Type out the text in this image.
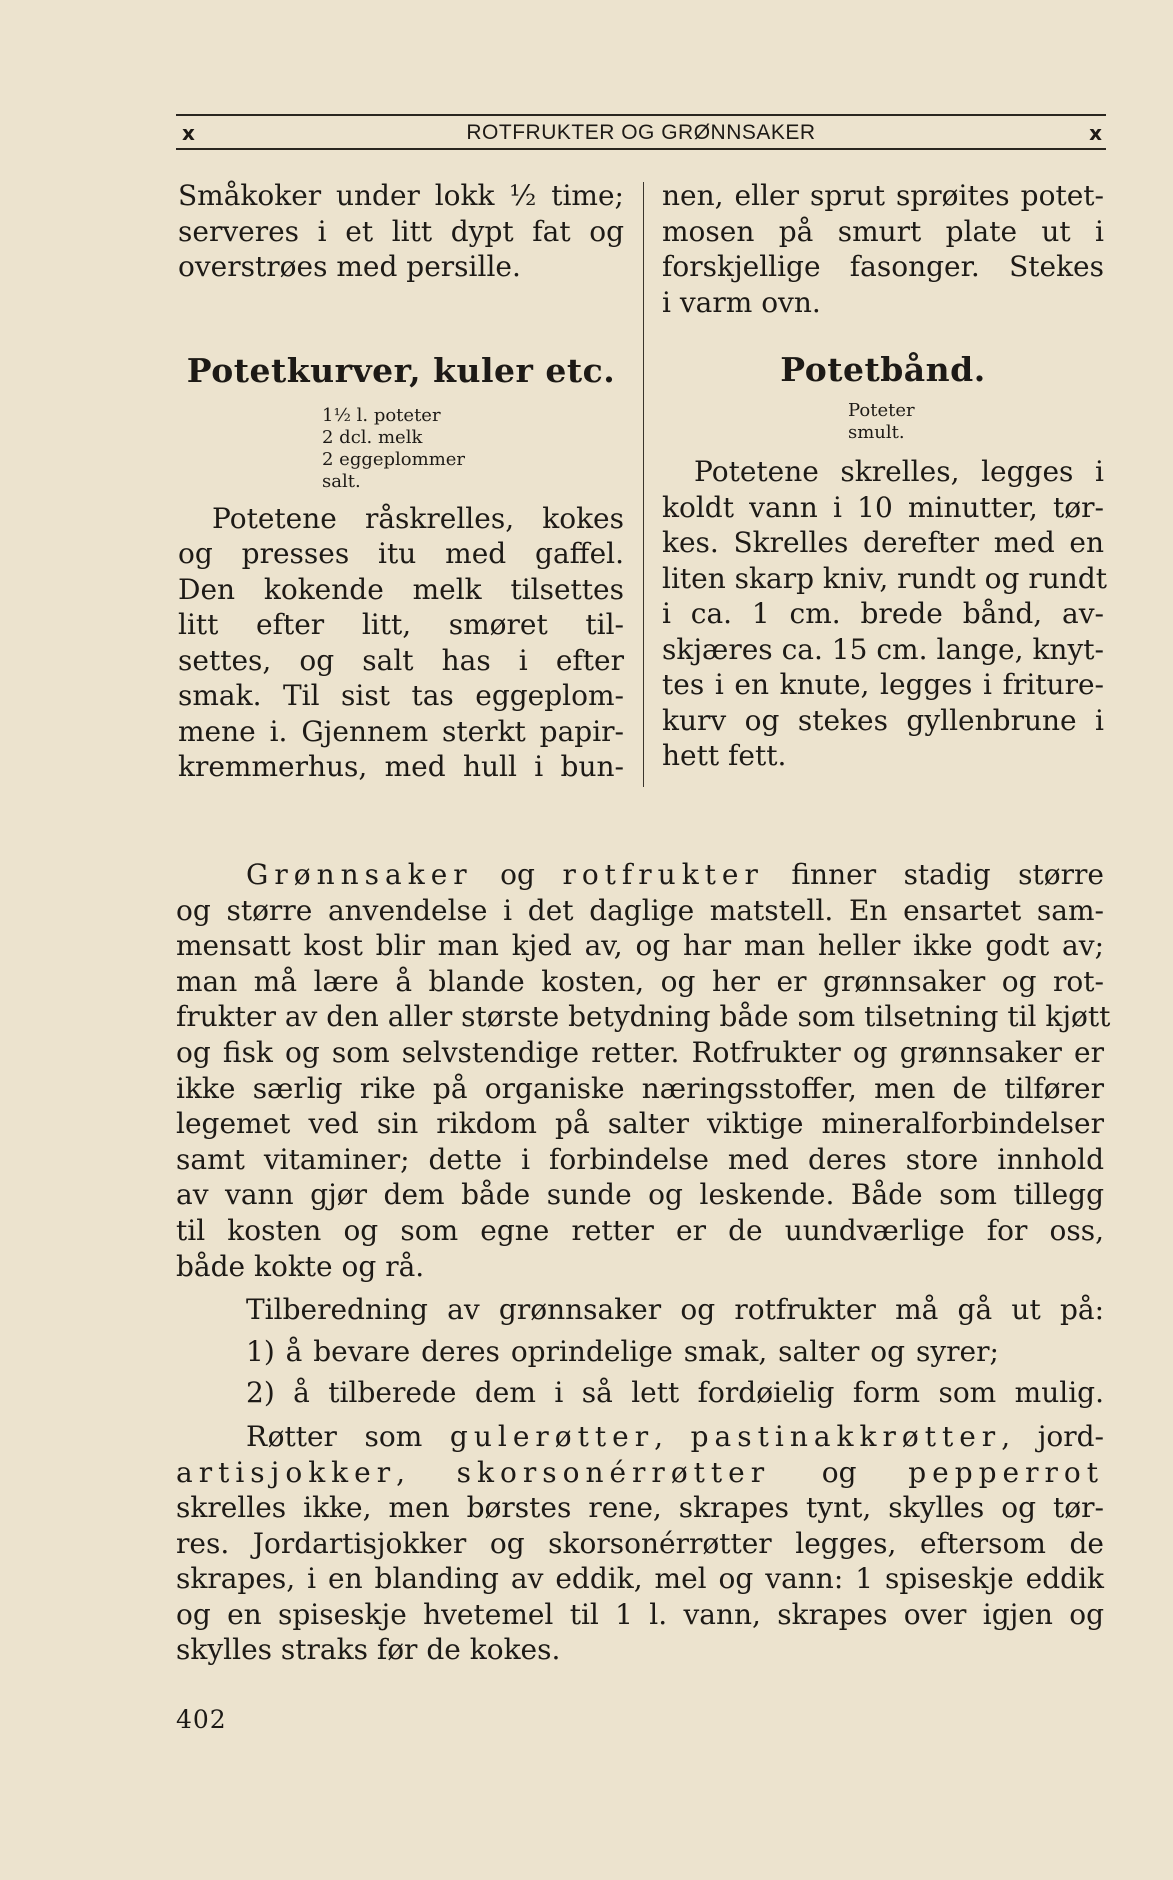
x	ROTFRUKTER OG GRØNNSAKER	x
Småkoker under lokk ½ time;
serveres i et litt dypt fat og
overstrøes med persille.
Potetkurver, kuler etc.
1½ l. poteter
2 dcl. melk
2 eggeplommer
salt.
Potetene råskrelles, kokes
og presses itu med gaffel.
Den kokende melk tilsettes
litt efter litt, smøret til-
settes, og salt has i efter
smak. Til sist tas eggeplom-
mene i. Gjennem sterkt papir-
kremmerhus, med hull i bun-
nen, eller sprut sprøites potet-
mosen på smurt plate ut i
forskjellige fasonger. Stekes
i varm ovn.
Potetbånd.
Poteter
smult.
Potetene skrelles, legges i
koldt vann i 10 minutter, tør-
kes. Skrelles derefter med en
liten skarp kniv, rundt og rundt
i ca. 1 cm. brede bånd, av-
skjæres ca. 15 cm. lange, knyt-
tes i en knute, legges i friture-
kurv og stekes gyllenbrune i
hett fett.
Grønnsaker og rotfrukter finner stadig større
og større anvendelse i det daglige matstell. En ensartet sam-
mensatt kost blir man kjed av, og har man heller ikke godt av;
man må lære å blande kosten, og her er grønnsaker og rot-
frukter av den aller største betydning både som tilsetning til kjøtt
og fisk og som selvstendige retter. Rotfrukter og grønnsaker er
ikke særlig rike på organiske næringsstoffer, men de tilfører
legemet ved sin rikdom på salter viktige mineralforbindelser
samt vitaminer; dette i forbindelse med deres store innhold
av vann gjør dem både sunde og leskende. Både som tillegg
til kosten og som egne retter er de uundværlige for oss,
både kokte og rå.
Tilberedning av grønnsaker og rotfrukter må gå ut på:
1) å bevare deres oprindelige smak, salter og syrer;
2) å tilberede dem i så lett fordøielig form som mulig.
Røtter som gulerøtter, pastinakkrøtter, jord-
artisjokker, skorsonérrøtter og pepperrot
skrelles ikke, men børstes rene, skrapes tynt, skylles og tør-
res. Jordartisjokker og skorsonérrøtter legges, eftersom de
skrapes, i en blanding av eddik, mel og vann: 1 spiseskje eddik
og en spiseskje hvetemel til 1 l. vann, skrapes over igjen og
skylles straks før de kokes.
402
